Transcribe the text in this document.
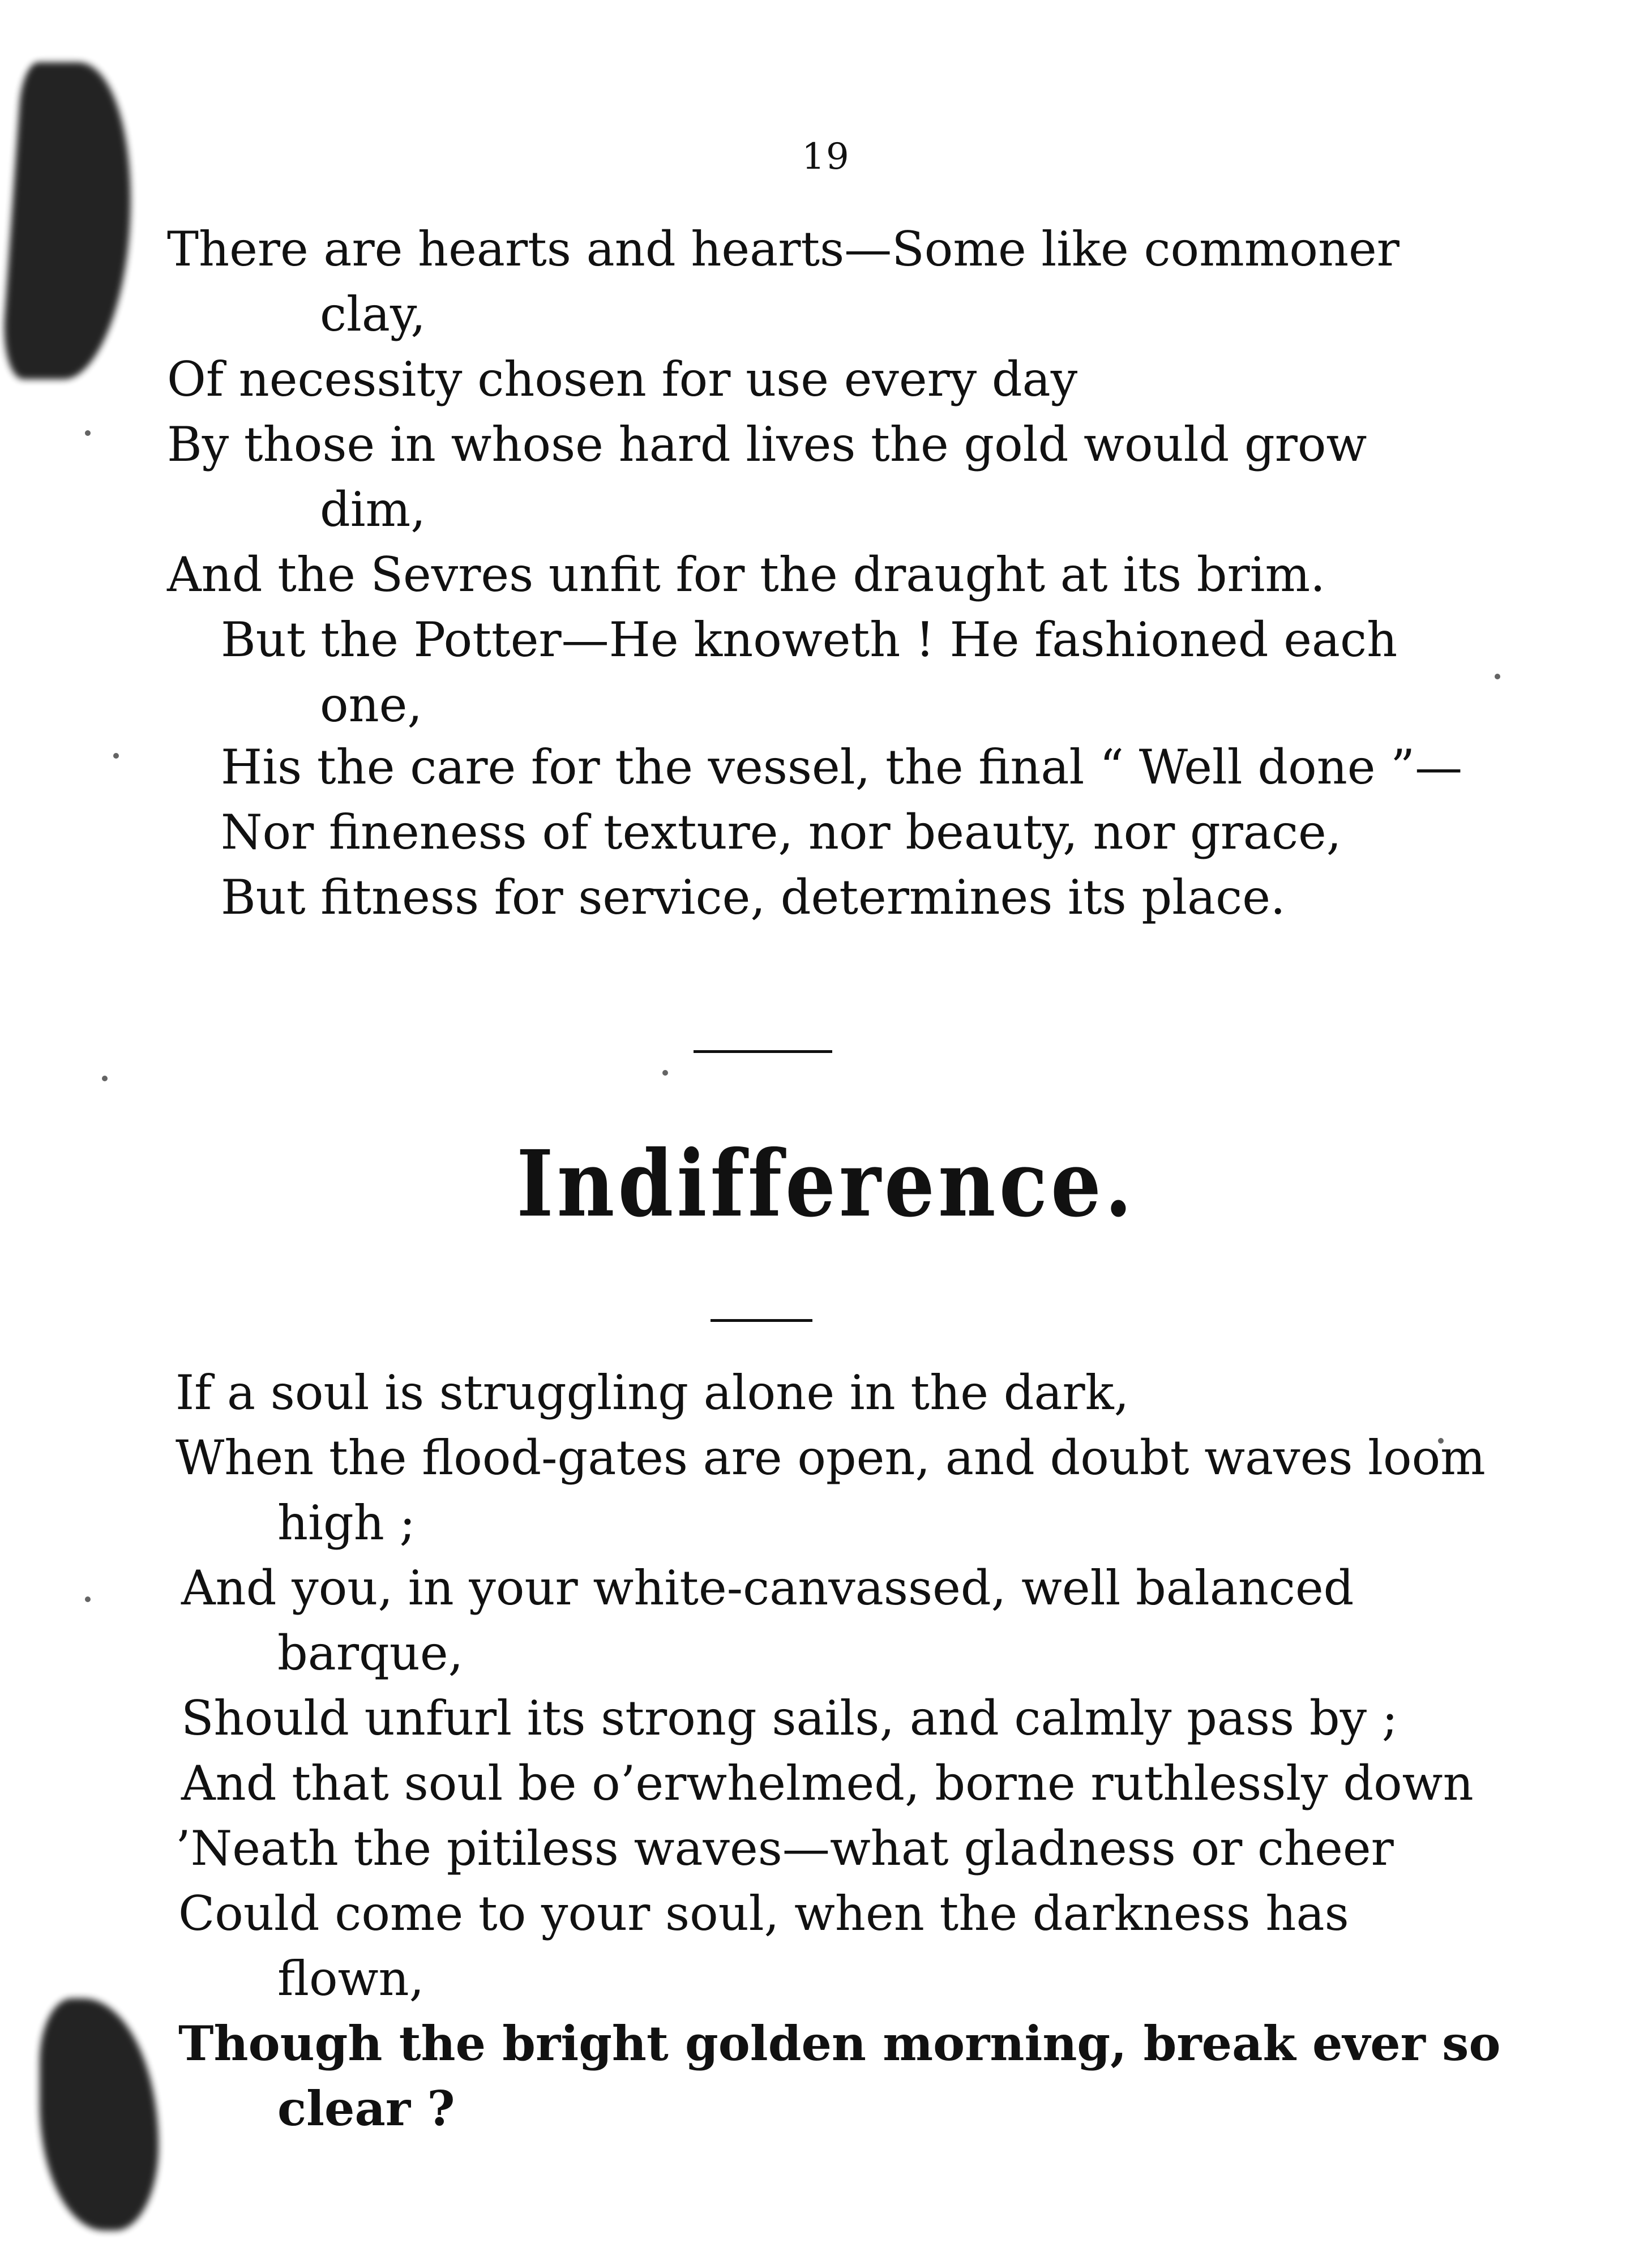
19
There are hearts and hearts—Some like commoner
clay,
Of necessity chosen for use every day
By those in whose hard lives the gold would grow
dim,
And the Sevres unfit for the draught at its brim.
But the Potter—He knoweth ! He fashioned each
one,
His the care for the vessel, the final “ Well done ”—
Nor fineness of texture, nor beauty, nor grace,
But fitness for service, determines its place.
Indifference.
If a soul is struggling alone in the dark,
When the flood-gates are open, and doubt waves loom
high ;
And you, in your white-canvassed, well balanced
barque,
Should unfurl its strong sails, and calmly pass by ;
And that soul be o’erwhelmed, borne ruthlessly down
’Neath the pitiless waves—what gladness or cheer
Could come to your soul, when the darkness has
flown,
Though the bright golden morning, break ever so
clear ?
